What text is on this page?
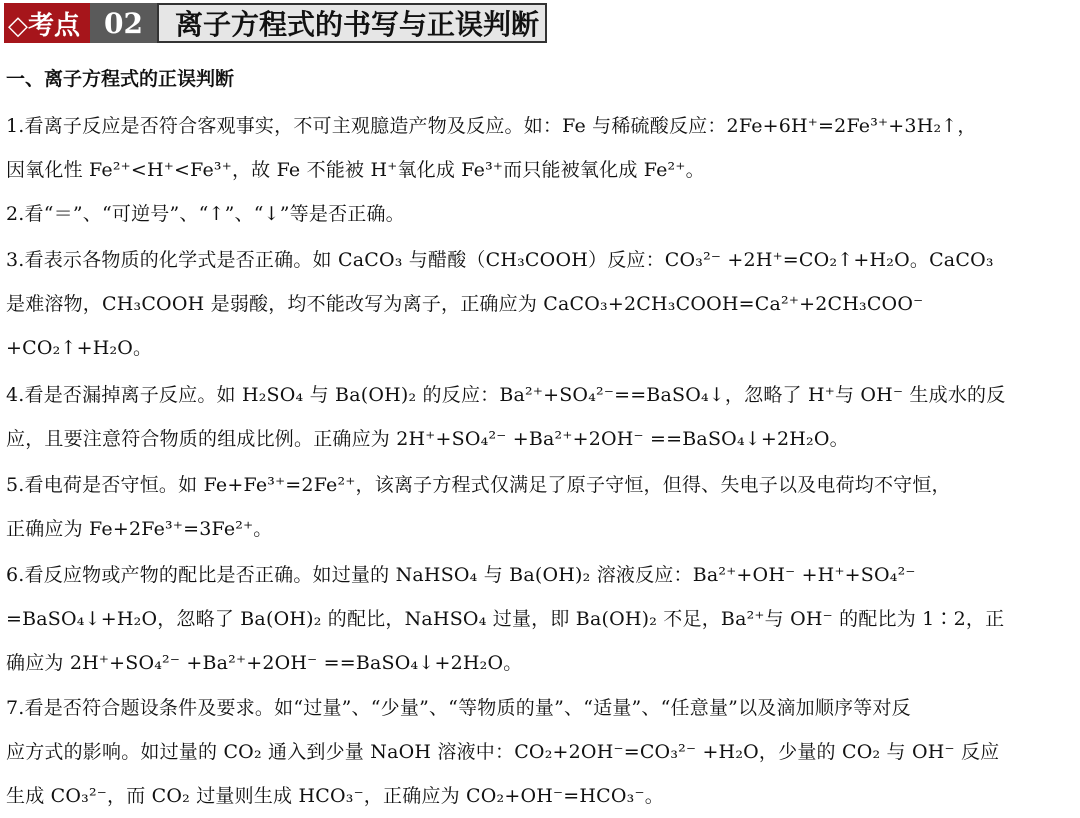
◇考点 02	离子方程式的书写与正误判断
一、离子方程式的正误判断
1.看离子反应是否符合客观事实，不可主观臆造产物及反应。如：Fe 与稀硫酸反应：2Fe+6H⁺=2Fe³⁺+3H₂↑，
因氧化性 Fe²⁺<H⁺<Fe³⁺，故 Fe 不能被 H⁺氧化成 Fe³⁺而只能被氧化成 Fe²⁺。
2.看“＝”、“可逆号”、“↑”、“↓”等是否正确。
3.看表示各物质的化学式是否正确。如 CaCO₃ 与醋酸（CH₃COOH）反应：CO₃²⁻ +2H⁺=CO₂↑+H₂O。CaCO₃
是难溶物，CH₃COOH 是弱酸，均不能改写为离子，正确应为 CaCO₃+2CH₃COOH=Ca²⁺+2CH₃COO⁻
+CO₂↑+H₂O。
4.看是否漏掉离子反应。如 H₂SO₄ 与 Ba(OH)₂ 的反应：Ba²⁺+SO₄²⁻==BaSO₄↓，忽略了 H⁺与 OH⁻ 生成水的反
应，且要注意符合物质的组成比例。正确应为 2H⁺+SO₄²⁻ +Ba²⁺+2OH⁻ ==BaSO₄↓+2H₂O。
5.看电荷是否守恒。如 Fe+Fe³⁺=2Fe²⁺，该离子方程式仅满足了原子守恒，但得、失电子以及电荷均不守恒，
正确应为 Fe+2Fe³⁺=3Fe²⁺。
6.看反应物或产物的配比是否正确。如过量的 NaHSO₄ 与 Ba(OH)₂ 溶液反应：Ba²⁺+OH⁻ +H⁺+SO₄²⁻
=BaSO₄↓+H₂O，忽略了 Ba(OH)₂ 的配比，NaHSO₄ 过量，即 Ba(OH)₂ 不足，Ba²⁺与 OH⁻ 的配比为 1∶2，正
确应为 2H⁺+SO₄²⁻ +Ba²⁺+2OH⁻ ==BaSO₄↓+2H₂O。
7.看是否符合题设条件及要求。如“过量”、“少量”、“等物质的量”、“适量”、“任意量”以及滴加顺序等对反
应方式的影响。如过量的 CO₂ 通入到少量 NaOH 溶液中：CO₂+2OH⁻=CO₃²⁻ +H₂O，少量的 CO₂ 与 OH⁻ 反应
生成 CO₃²⁻，而 CO₂ 过量则生成 HCO₃⁻，正确应为 CO₂+OH⁻=HCO₃⁻。
